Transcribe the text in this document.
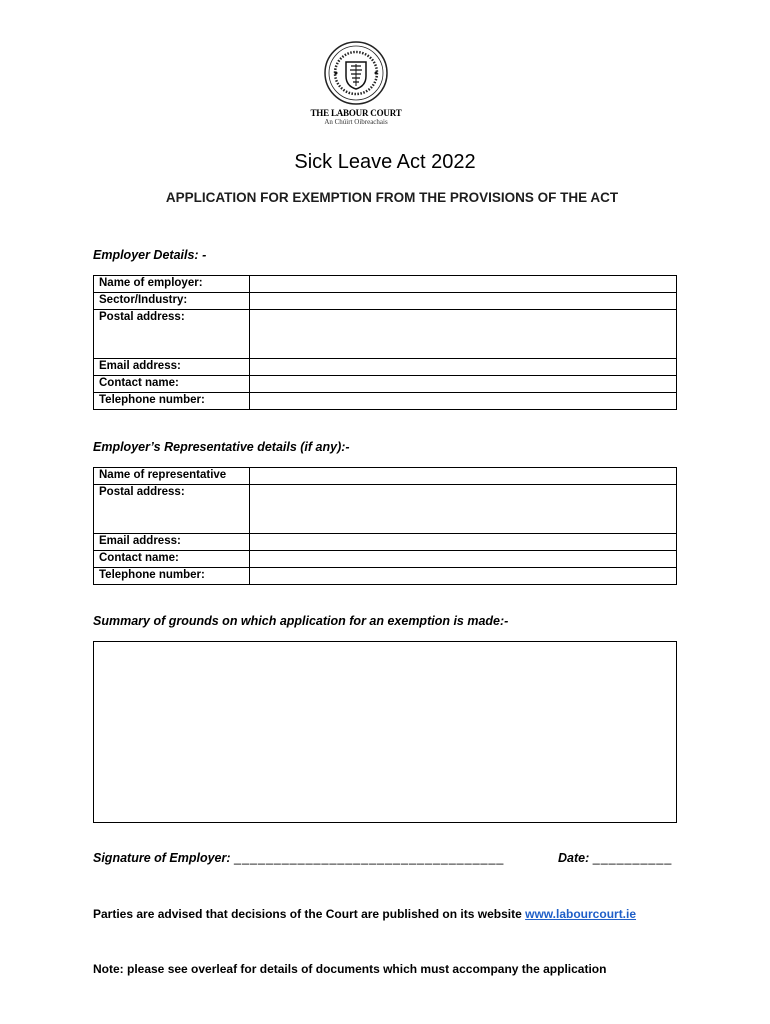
THE LABOUR COURT
An Chúirt Oibreachais
Sick Leave Act 2022
APPLICATION FOR EXEMPTION FROM THE PROVISIONS OF THE ACT
Employer Details: -
Name of employer:	
Sector/Industry:	
Postal address:	
Email address:	
Contact name:	
Telephone number:	
Employer’s Representative details (if any):-
Name of representative	
Postal address:	
Email address:	
Contact name:	
Telephone number:	
Summary of grounds on which application for an exemption is made:-
Signature of Employer: __________________________________	Date: __________
Parties are advised that decisions of the Court are published on its website www.labourcourt.ie
Note: please see overleaf for details of documents which must accompany the application
